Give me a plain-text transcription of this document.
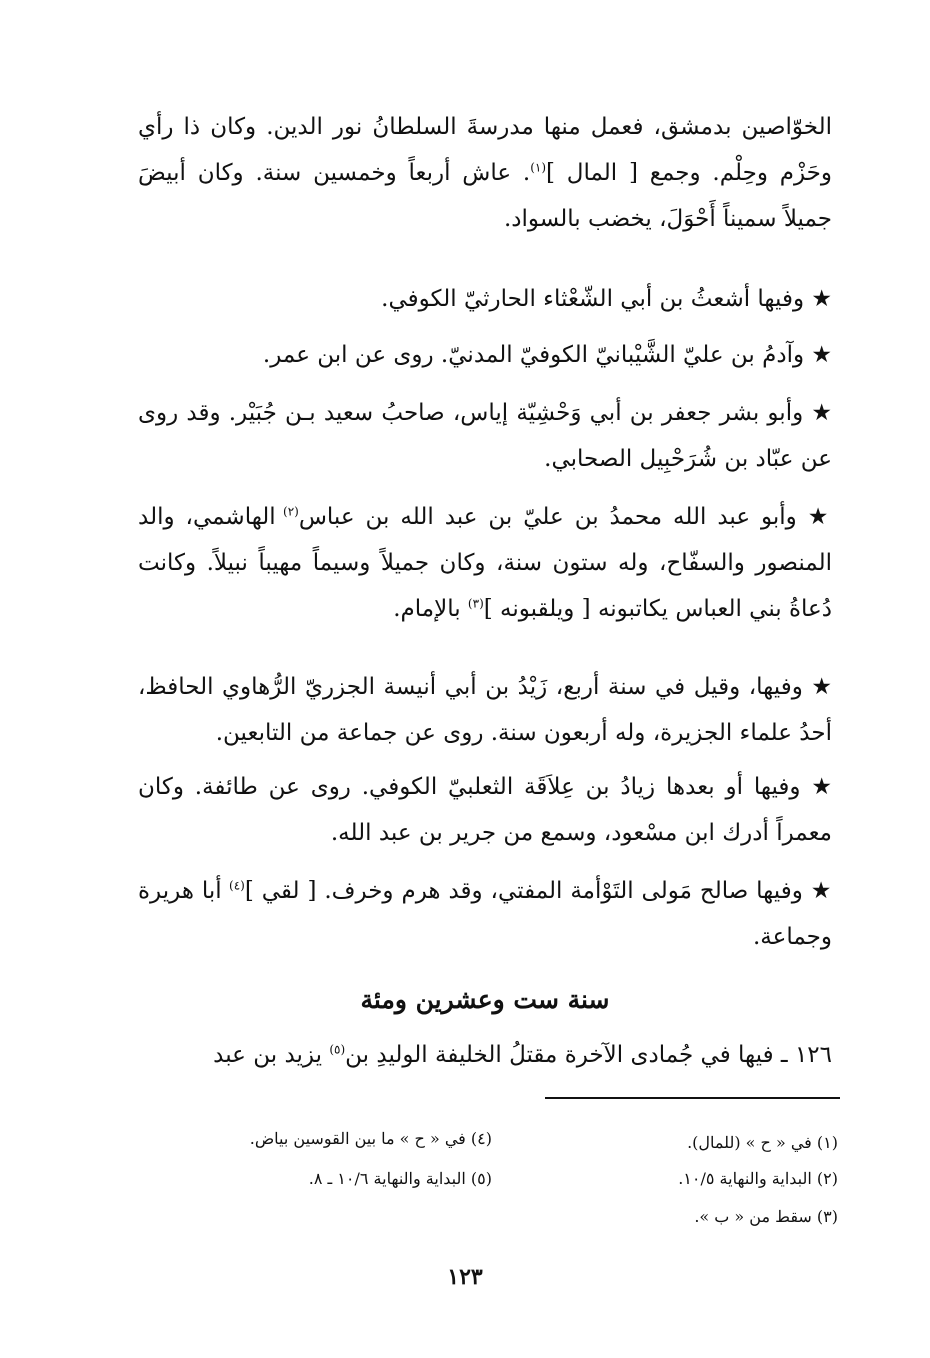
الخوّاصين بدمشق، فعمل منها مدرسةَ السلطانُ نور الدين. وكان ذا رأي وحَزْم وحِلْم. وجمع [ المال ]$^{(١)}$. عاش أربعاً وخمسين سنة. وكان أبيضَ جميلاً سميناً أَحْوَلَ، يخضب بالسواد.
★ وفيها أشعثُ بن أبي الشّعْثاء الحارثيّ الكوفي.
★ وآدمُ بن عليّ الشَّيْبانيّ الكوفيّ المدنيّ. روى عن ابن عمر.
★ وأبو بشر جعفر بن أبي وَحْشِيّة إياس، صاحبُ سعيد بـن جُبَيْر. وقد روى عن عبّاد بن شُرَحْبِيل الصحابي.
★ وأبو عبد الله محمدُ بن عليّ بن عبد الله بن عباس$^{(٢)}$ الهاشمي، والد المنصور والسفّاح، وله ستون سنة، وكان جميلاً وسيماً مهيباً نبيلاً. وكانت دُعاةُ بني العباس يكاتبونه [ ويلقبونه ]$^{(٣)}$ بالإمام.
★ وفيها، وقيل في سنة أربع، زَيْدُ بن أبي أنيسة الجزريّ الرُّهاوي الحافظ، أحدُ علماء الجزيرة، وله أربعون سنة. روى عن جماعة من التابعين.
★ وفيها أو بعدها زيادُ بن عِلاَقَة الثعلبيّ الكوفي. روى عن طائفة. وكان معمراً أدرك ابن مسْعود، وسمع من جرير بن عبد الله.
★ وفيها صالح مَولى التَوْأمة المفتي، وقد هرم وخرف. [ لقي ]$^{(٤)}$ أبا هريرة وجماعة.
سنة ست وعشرين ومئة
١٢٦ ـ فيها في جُمادى الآخرة مقتلُ الخليفة الوليدِ بن$^{(٥)}$ يزيد بن عبد
(١) في « ح » (للمال).
(٢) البداية والنهاية ١٠/٥.
(٣) سقط من « ب ».
(٤) في « ح » ما بين القوسين بياض.
(٥) البداية والنهاية ١٠/٦ ـ ٨.
١٢٣
